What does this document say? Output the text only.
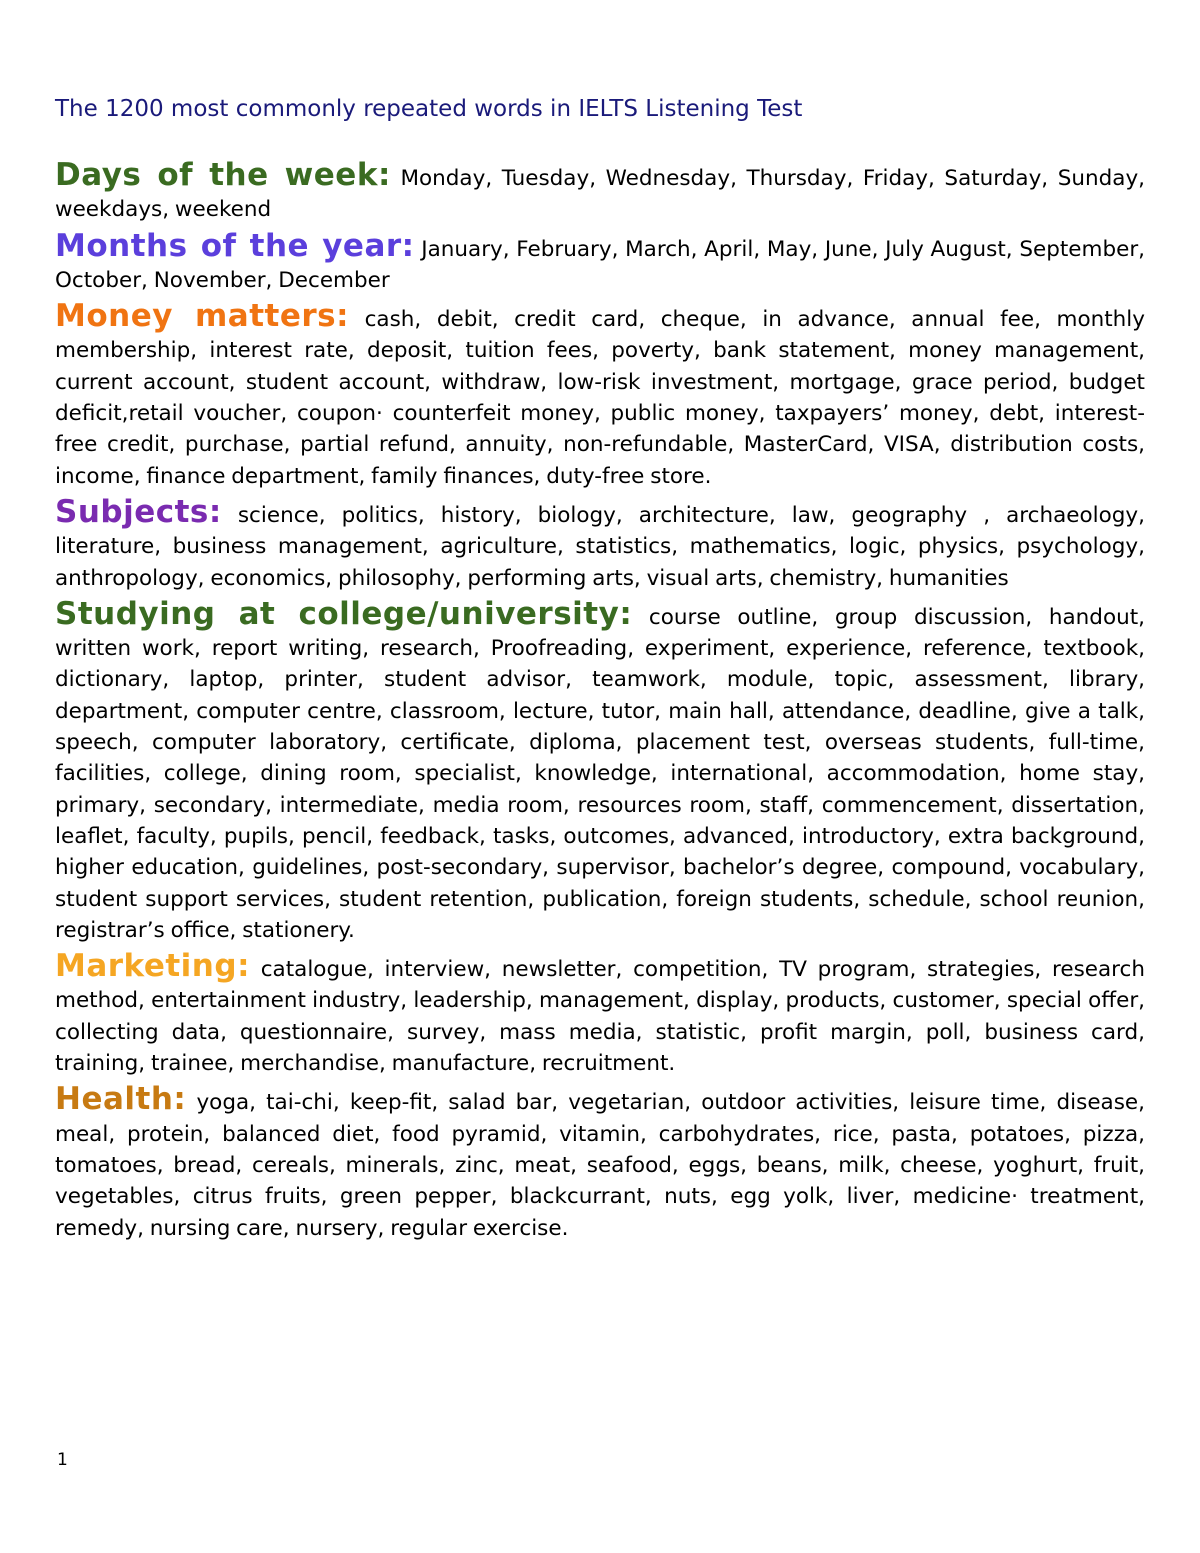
The 1200 most commonly repeated words in IELTS Listening Test

Days of the week: Monday, Tuesday, Wednesday, Thursday, Friday, Saturday, Sunday, weekdays, weekend

Months of the year: January, February, March, April, May, June, July August, September, October, November, December

Money matters: cash, debit, credit card, cheque, in advance, annual fee, monthly membership, interest rate, deposit, tuition fees, poverty, bank statement, money management, current account, student account, withdraw, low-risk investment, mortgage, grace period, budget deficit,retail voucher, coupon· counterfeit money, public money, taxpayers’ money, debt, interest-free credit, purchase, partial refund, annuity, non-refundable, MasterCard, VISA, distribution costs, income, finance department, family finances, duty-free store.

Subjects: science, politics, history, biology, architecture, law, geography , archaeology, literature, business management, agriculture, statistics, mathematics, logic, physics, psychology, anthropology, economics, philosophy, performing arts, visual arts, chemistry, humanities

Studying at college/university: course outline, group discussion, handout, written work, report writing, research, Proofreading, experiment, experience, reference, textbook, dictionary, laptop, printer, student advisor, teamwork, module, topic, assessment, library, department, computer centre, classroom, lecture, tutor, main hall, attendance, deadline, give a talk, speech, computer laboratory, certificate, diploma, placement test, overseas students, full-time, facilities, college, dining room, specialist, knowledge, international, accommodation, home stay, primary, secondary, intermediate, media room, resources room, staff, commencement, dissertation, leaflet, faculty, pupils, pencil, feedback, tasks, outcomes, advanced, introductory, extra background, higher education, guidelines, post-secondary, supervisor, bachelor’s degree, compound, vocabulary, student support services, student retention, publication, foreign students, schedule, school reunion, registrar’s office, stationery.

Marketing: catalogue, interview, newsletter, competition, TV program, strategies, research method, entertainment industry, leadership, management, display, products, customer, special offer, collecting data, questionnaire, survey, mass media, statistic, profit margin, poll, business card, training, trainee, merchandise, manufacture, recruitment.

Health: yoga, tai-chi, keep-fit, salad bar, vegetarian, outdoor activities, leisure time, disease, meal, protein, balanced diet, food pyramid, vitamin, carbohydrates, rice, pasta, potatoes, pizza, tomatoes, bread, cereals, minerals, zinc, meat, seafood, eggs, beans, milk, cheese, yoghurt, fruit, vegetables, citrus fruits, green pepper, blackcurrant, nuts, egg yolk, liver, medicine· treatment, remedy, nursing care, nursery, regular exercise.

1
